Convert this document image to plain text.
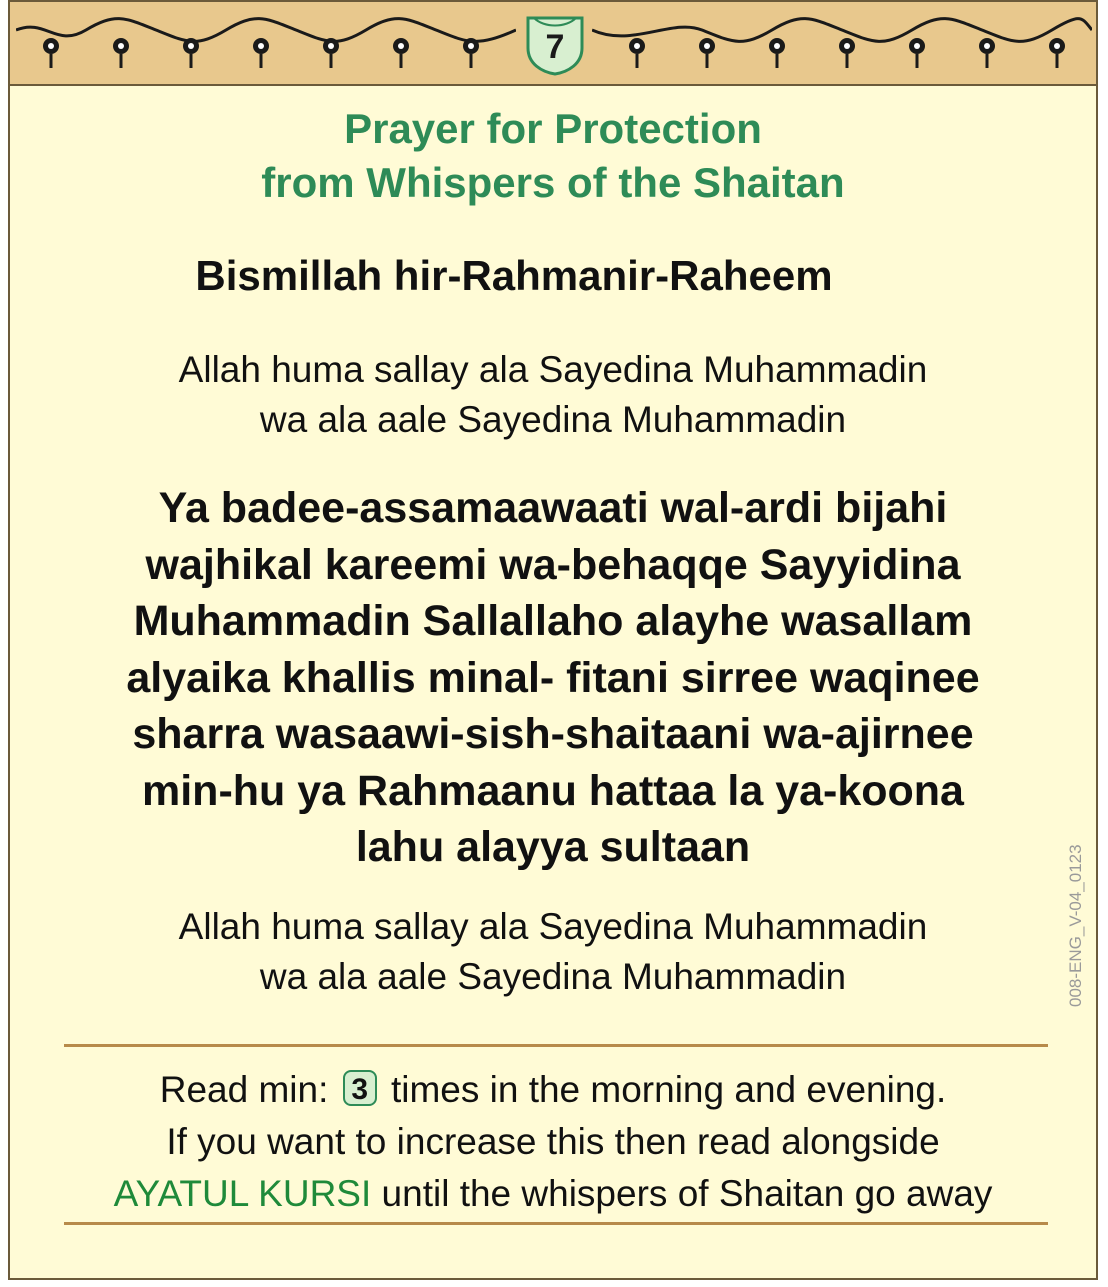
7
Prayer for Protection
from Whispers of the Shaitan
Bismillah hir-Rahmanir-Raheem
Allah huma sallay ala Sayedina Muhammadin
wa ala aale Sayedina Muhammadin
Ya badee-assamaawaati wal-ardi bijahi
wajhikal kareemi wa-behaqqe Sayyidina
Muhammadin Sallallaho alayhe wasallam
alyaika khallis minal- fitani sirree waqinee
sharra wasaawi-sish-shaitaani wa-ajirnee
min-hu ya Rahmaanu hattaa la ya-koona
lahu alayya sultaan
Allah huma sallay ala Sayedina Muhammadin
wa ala aale Sayedina Muhammadin
Read min: 3 times in the morning and evening.
If you want to increase this then read alongside
AYATUL KURSI until the whispers of Shaitan go away
008-ENG_V-04_0123
